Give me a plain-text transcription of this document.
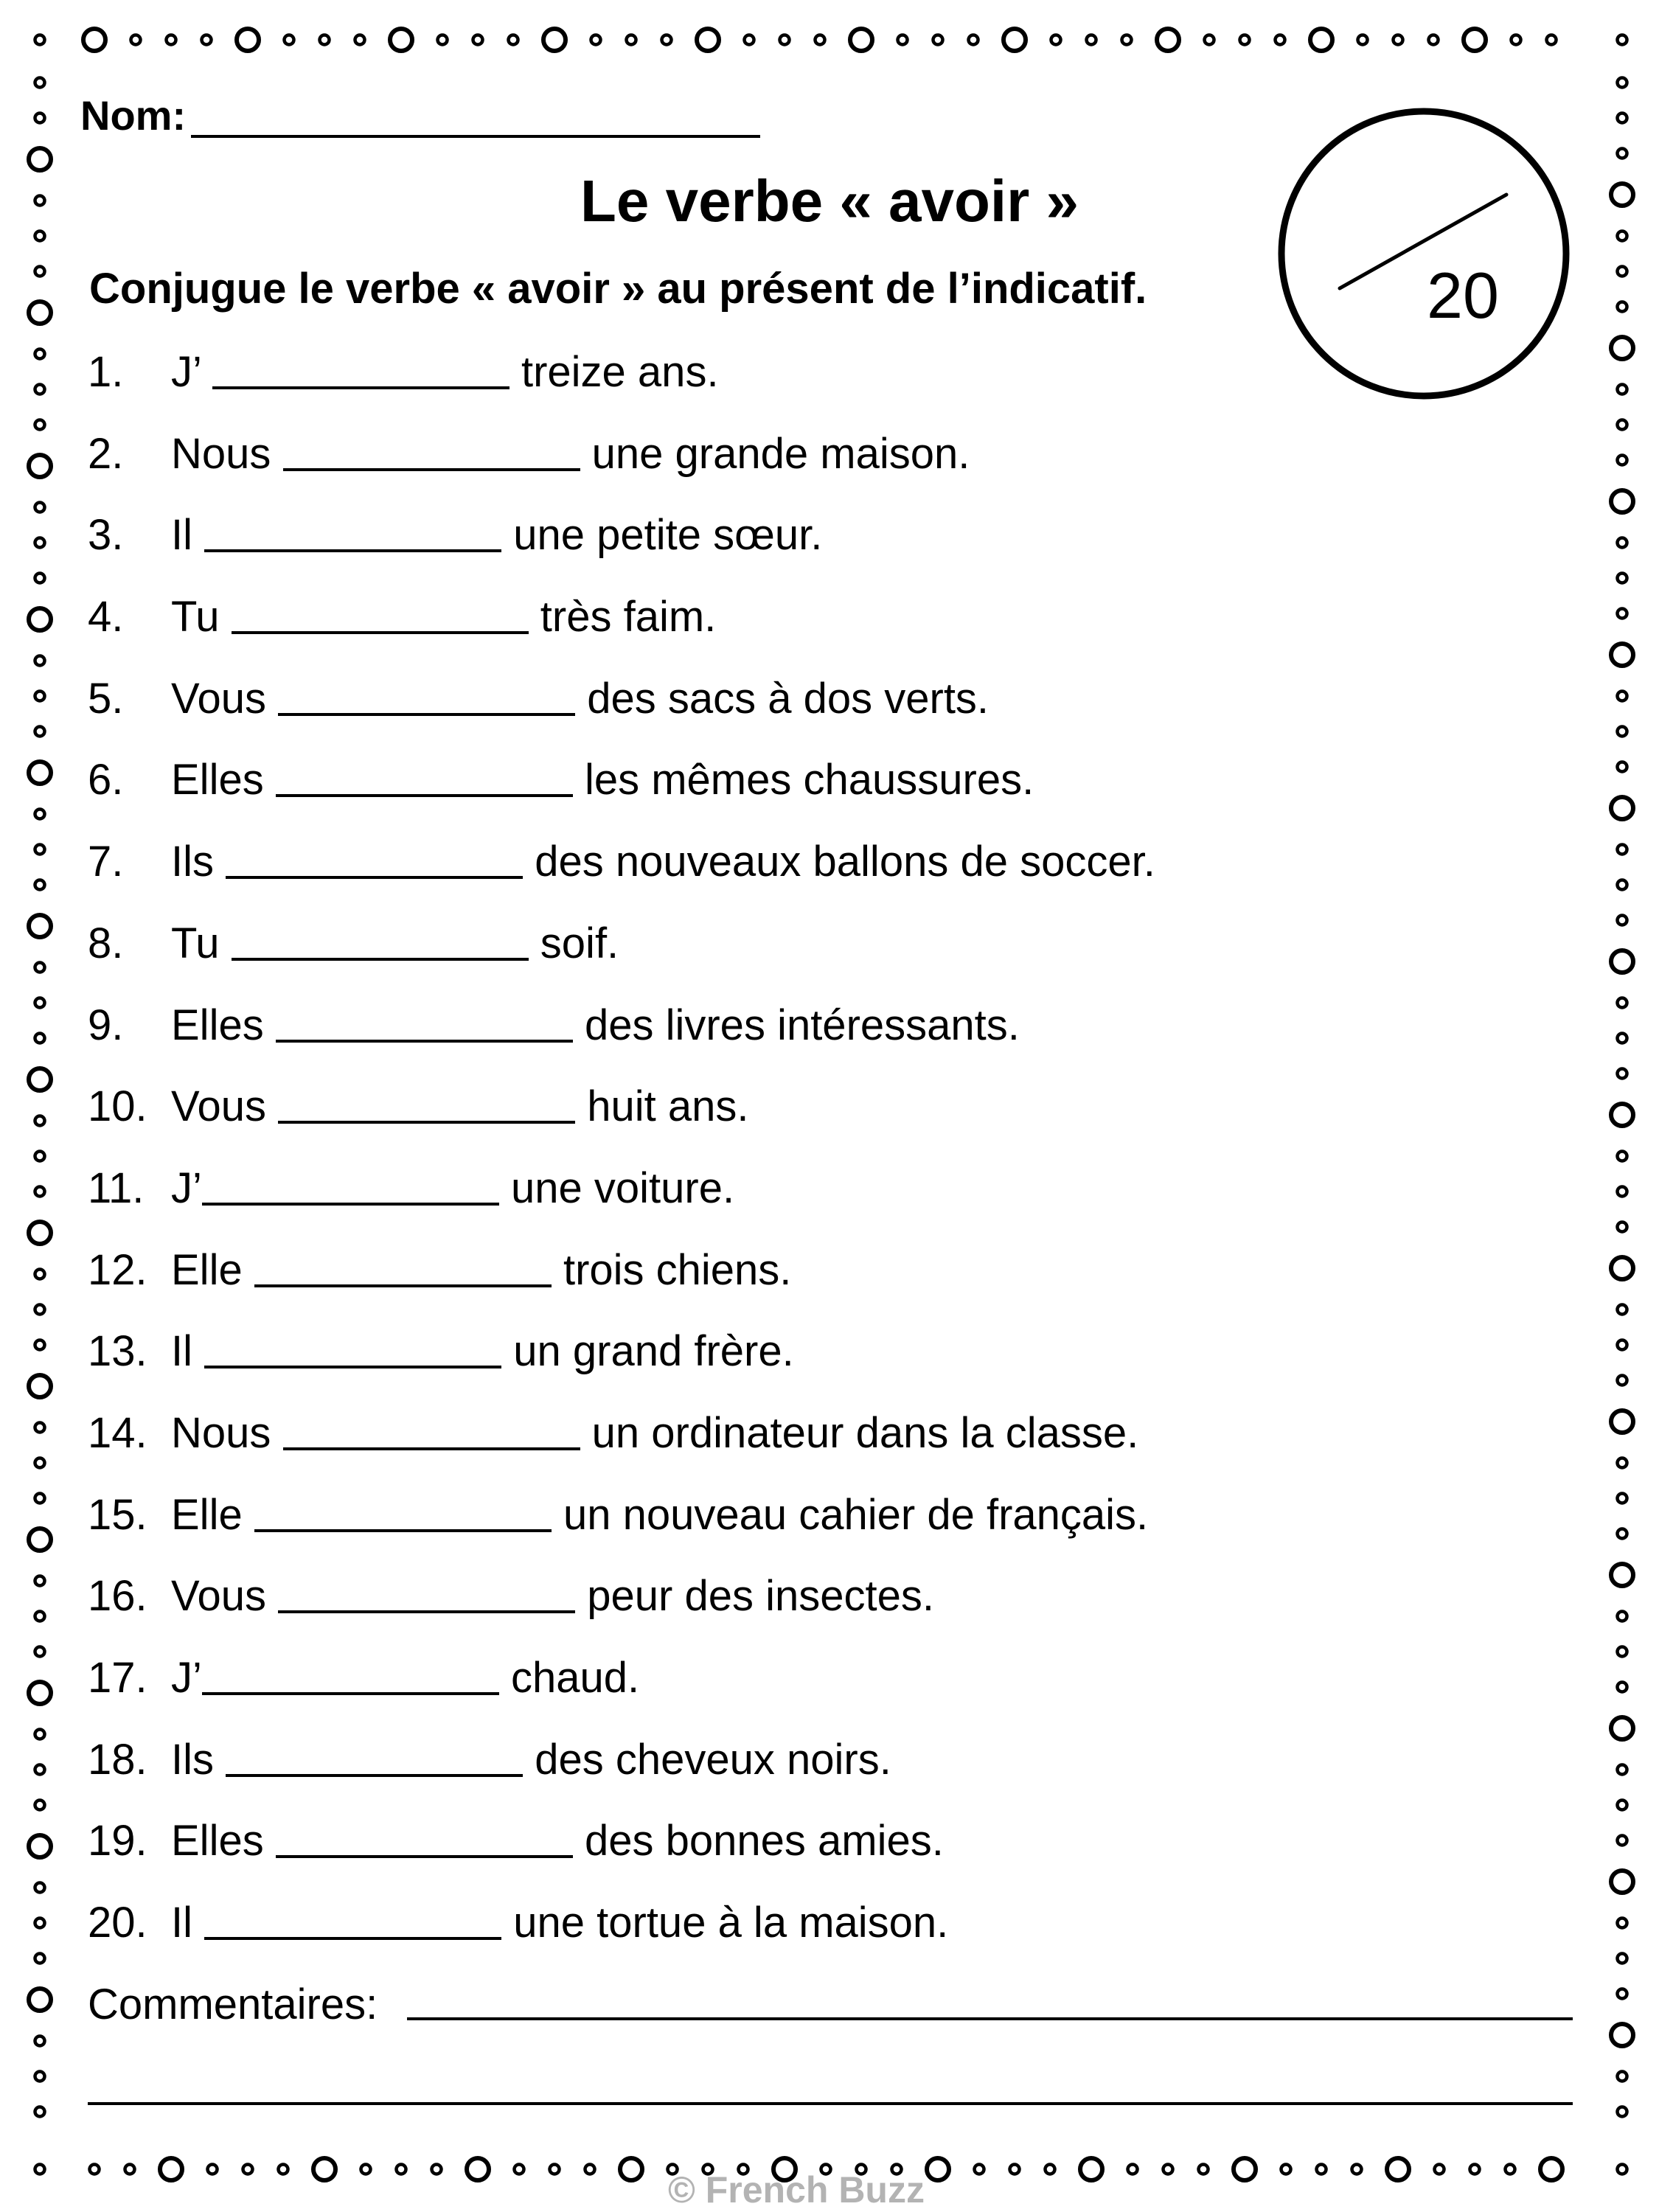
Nom:
Le verbe « avoir »
20

Conjugue le verbe « avoir » au présent de l’indicatif.

1. J’	treize ans.
2. Nous	une grande maison.
3. Il	une petite sœur.
4. Tu	très faim.
5. Vous	des sacs à dos verts.
6. Elles	les mêmes chaussures.
7. Ils	des nouveaux ballons de soccer.
8. Tu	soif.
9. Elles	des livres intéressants.
10. Vous	huit ans.
11. J’	une voiture.
12. Elle	trois chiens.
13. Il	un grand frère.
14. Nous	un ordinateur dans la classe.
15. Elle	un nouveau cahier de français.
16. Vous	peur des insectes.
17. J’	chaud.
18. Ils	des cheveux noirs.
19. Elles	des bonnes amies.
20. Il	une tortue à la maison.
Commentaires:
© French Buzz
